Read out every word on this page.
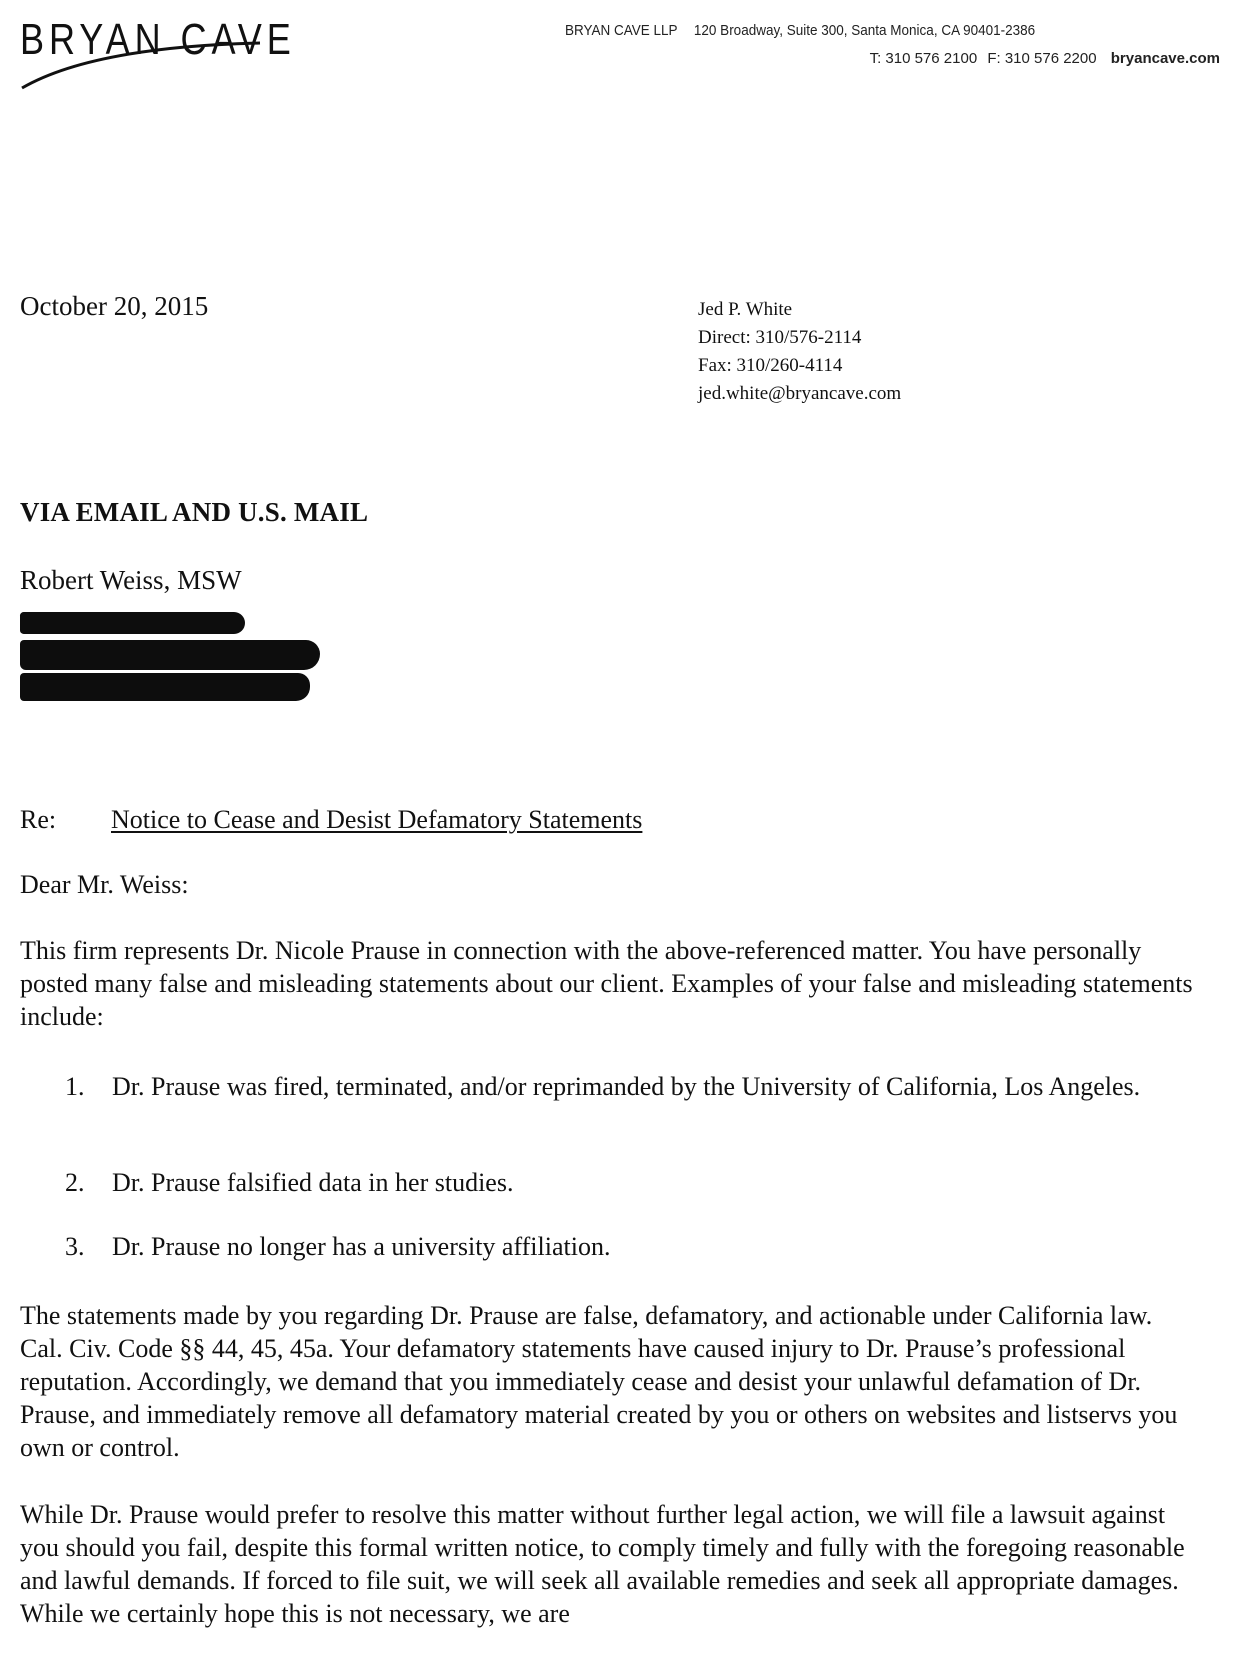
BRYAN CAVE	BRYAN CAVE LLP 120 Broadway, Suite 300, Santa Monica, CA 90401-2386
T: 310 576 2100 F: 310 576 2200 bryancave.com
October 20, 2015	Jed P. White
Direct: 310/576-2114
Fax: 310/260-4114
jed.white@bryancave.com
VIA EMAIL AND U.S. MAIL
Robert Weiss, MSW
Re: Notice to Cease and Desist Defamatory Statements
Dear Mr. Weiss:
This firm represents Dr. Nicole Prause in connection with the above-referenced matter. You have personally posted many false and misleading statements about our client. Examples of your false and misleading statements include:
1.	Dr. Prause was fired, terminated, and/or reprimanded by the University of California, Los Angeles.
2.	Dr. Prause falsified data in her studies.
3.	Dr. Prause no longer has a university affiliation.
The statements made by you regarding Dr. Prause are false, defamatory, and actionable under California law. Cal. Civ. Code §§ 44, 45, 45a. Your defamatory statements have caused injury to Dr. Prause’s professional reputation. Accordingly, we demand that you immediately cease and desist your unlawful defamation of Dr. Prause, and immediately remove all defamatory material created by you or others on websites and listservs you own or control.
While Dr. Prause would prefer to resolve this matter without further legal action, we will file a lawsuit against you should you fail, despite this formal written notice, to comply timely and fully with the foregoing reasonable and lawful demands. If forced to file suit, we will seek all available remedies and seek all appropriate damages. While we certainly hope this is not necessary, we are
